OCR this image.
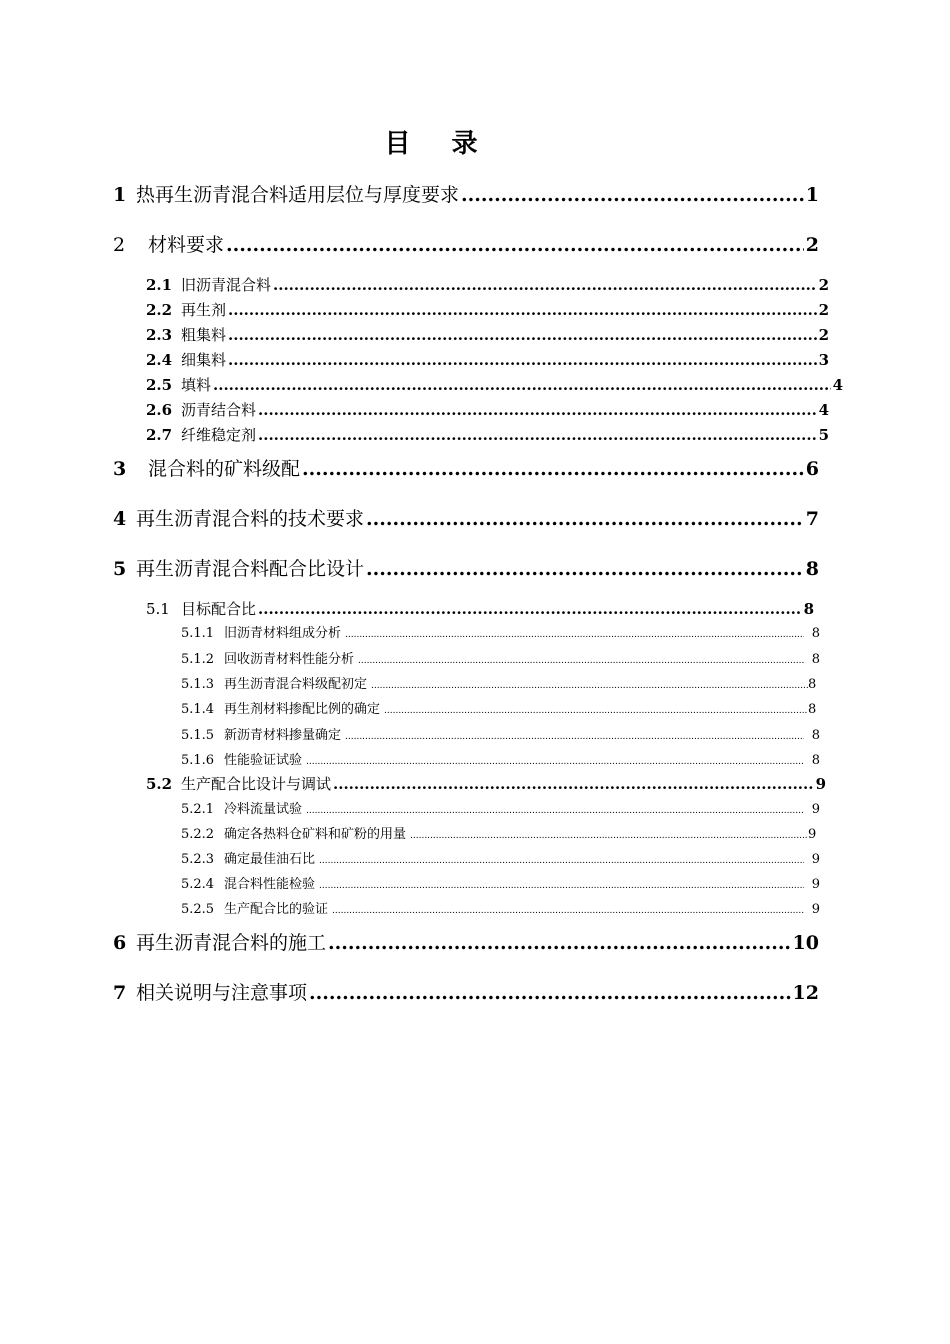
目 录
1 热再生沥青混合料适用层位与厚度要求 .....	1
2	材料要求 .....	2
2.1 旧沥青混合料 .....	2
2.2 再生剂 .....	2
2.3 粗集料 .....	2
2.4 细集料 .....	3
2.5 填料 .....	4
2.6 沥青结合料 .....	4
2.7 纤维稳定剂 .....	5
3	混合料的矿料级配 .....	6
4 再生沥青混合料的技术要求 .....	7
5 再生沥青混合料配合比设计 .....	8
5.1 目标配合比 .....	8
5.1.1 旧沥青材料组成分析 .....	8
5.1.2 回收沥青材料性能分析 .....	8
5.1.3 再生沥青混合料级配初定 .....	8
5.1.4 再生剂材料掺配比例的确定 .....	8
5.1.5 新沥青材料掺量确定 .....	8
5.1.6 性能验证试验 .....	8
5.2 生产配合比设计与调试 .....	9
5.2.1 冷料流量试验 .....	9
5.2.2 确定各热料仓矿料和矿粉的用量 .....	9
5.2.3 确定最佳油石比 .....	9
5.2.4 混合料性能检验 .....	9
5.2.5 生产配合比的验证 .....	9
6 再生沥青混合料的施工 .....	10
7 相关说明与注意事项 .....	12
